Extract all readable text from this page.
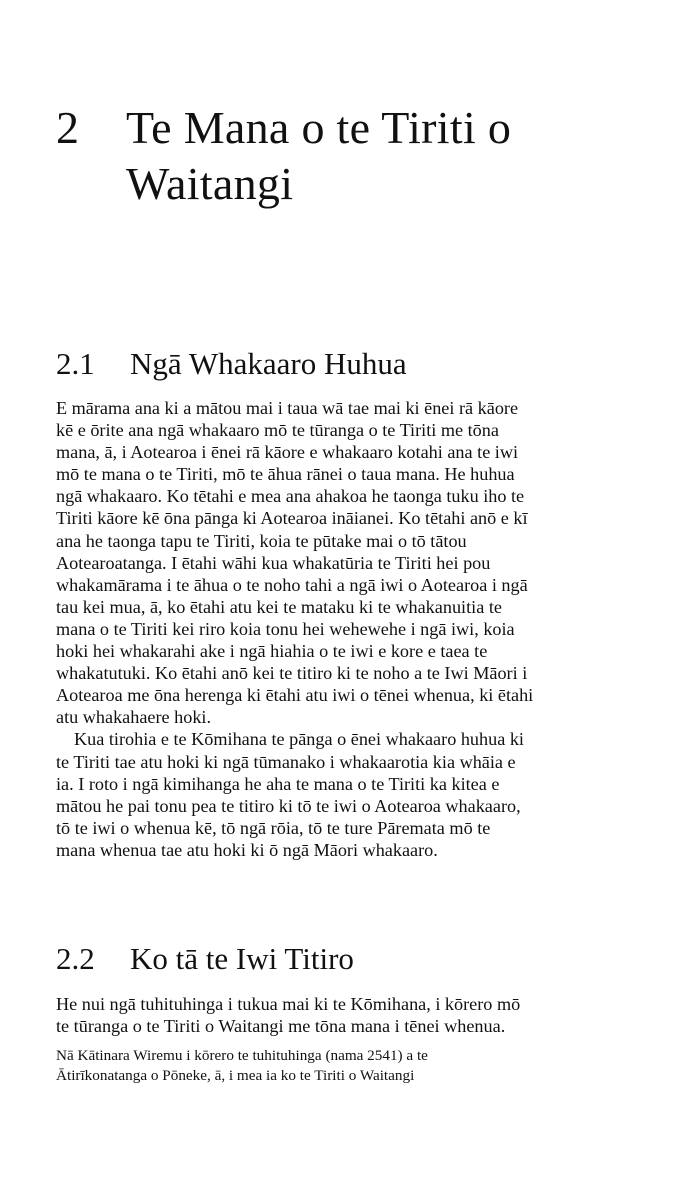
2 Te Mana o te Tiriti o
Waitangi
2.1 Ngā Whakaaro Huhua
E mārama ana ki a mātou mai i taua wā tae mai ki ēnei rā kāore
kē e ōrite ana ngā whakaaro mō te tūranga o te Tiriti me tōna
mana, ā, i Aotearoa i ēnei rā kāore e whakaaro kotahi ana te iwi
mō te mana o te Tiriti, mō te āhua rānei o taua mana. He huhua
ngā whakaaro. Ko tētahi e mea ana ahakoa he taonga tuku iho te
Tiriti kāore kē ōna pānga ki Aotearoa ināianei. Ko tētahi anō e kī
ana he taonga tapu te Tiriti, koia te pūtake mai o tō tātou
Aotearoatanga. I ētahi wāhi kua whakatūria te Tiriti hei pou
whakamārama i te āhua o te noho tahi a ngā iwi o Aotearoa i ngā
tau kei mua, ā, ko ētahi atu kei te mataku ki te whakanuitia te
mana o te Tiriti kei riro koia tonu hei wehewehe i ngā iwi, koia
hoki hei whakarahi ake i ngā hiahia o te iwi e kore e taea te
whakatutuki. Ko ētahi anō kei te titiro ki te noho a te Iwi Māori i
Aotearoa me ōna herenga ki ētahi atu iwi o tēnei whenua, ki ētahi
atu whakahaere hoki.
Kua tirohia e te Kōmihana te pānga o ēnei whakaaro huhua ki
te Tiriti tae atu hoki ki ngā tūmanako i whakaarotia kia whāia e
ia. I roto i ngā kimihanga he aha te mana o te Tiriti ka kitea e
mātou he pai tonu pea te titiro ki tō te iwi o Aotearoa whakaaro,
tō te iwi o whenua kē, tō ngā rōia, tō te ture Pāremata mō te
mana whenua tae atu hoki ki ō ngā Māori whakaaro.
2.2 Ko tā te Iwi Titiro
He nui ngā tuhituhinga i tukua mai ki te Kōmihana, i kōrero mō
te tūranga o te Tiriti o Waitangi me tōna mana i tēnei whenua.
Nā Kātinara Wiremu i kōrero te tuhituhinga (nama 2541) a te
Ātirīkonatanga o Pōneke, ā, i mea ia ko te Tiriti o Waitangi
